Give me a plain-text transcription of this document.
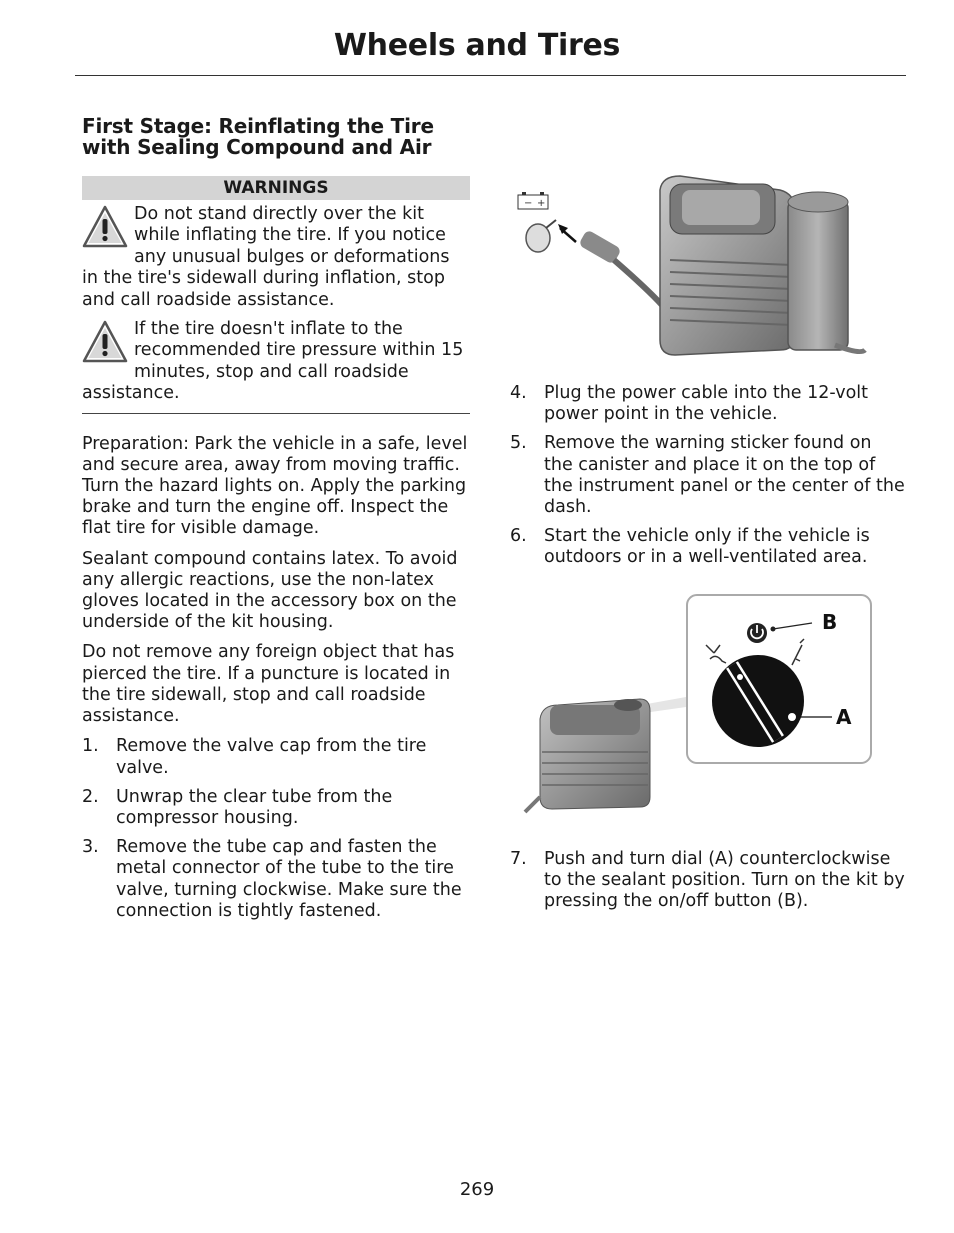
Wheels and Tires
First Stage: Reinflating the Tire with Sealing Compound and Air
WARNINGS
Do not stand directly over the kit while inflating the tire. If you notice any unusual bulges or deformations in the tire's sidewall during inflation, stop and call roadside assistance.
If the tire doesn't inflate to the recommended tire pressure within 15 minutes, stop and call roadside assistance.

Preparation: Park the vehicle in a safe, level and secure area, away from moving traffic. Turn the hazard lights on. Apply the parking brake and turn the engine off. Inspect the flat tire for visible damage.

Sealant compound contains latex. To avoid any allergic reactions, use the non-latex gloves located in the accessory box on the underside of the kit housing.

Do not remove any foreign object that has pierced the tire. If a puncture is located in the tire sidewall, stop and call roadside assistance.

1. Remove the valve cap from the tire valve.
2. Unwrap the clear tube from the compressor housing.
3. Remove the tube cap and fasten the metal connector of the tube to the tire valve, turning clockwise. Make sure the connection is tightly fastened.
− +
4. Plug the power cable into the 12-volt power point in the vehicle.
5. Remove the warning sticker found on the canister and place it on the top of the instrument panel or the center of the dash.
6. Start the vehicle only if the vehicle is outdoors or in a well-ventilated area.
B
A
7. Push and turn dial (A) counterclockwise to the sealant position. Turn on the kit by pressing the on/off button (B).
269
